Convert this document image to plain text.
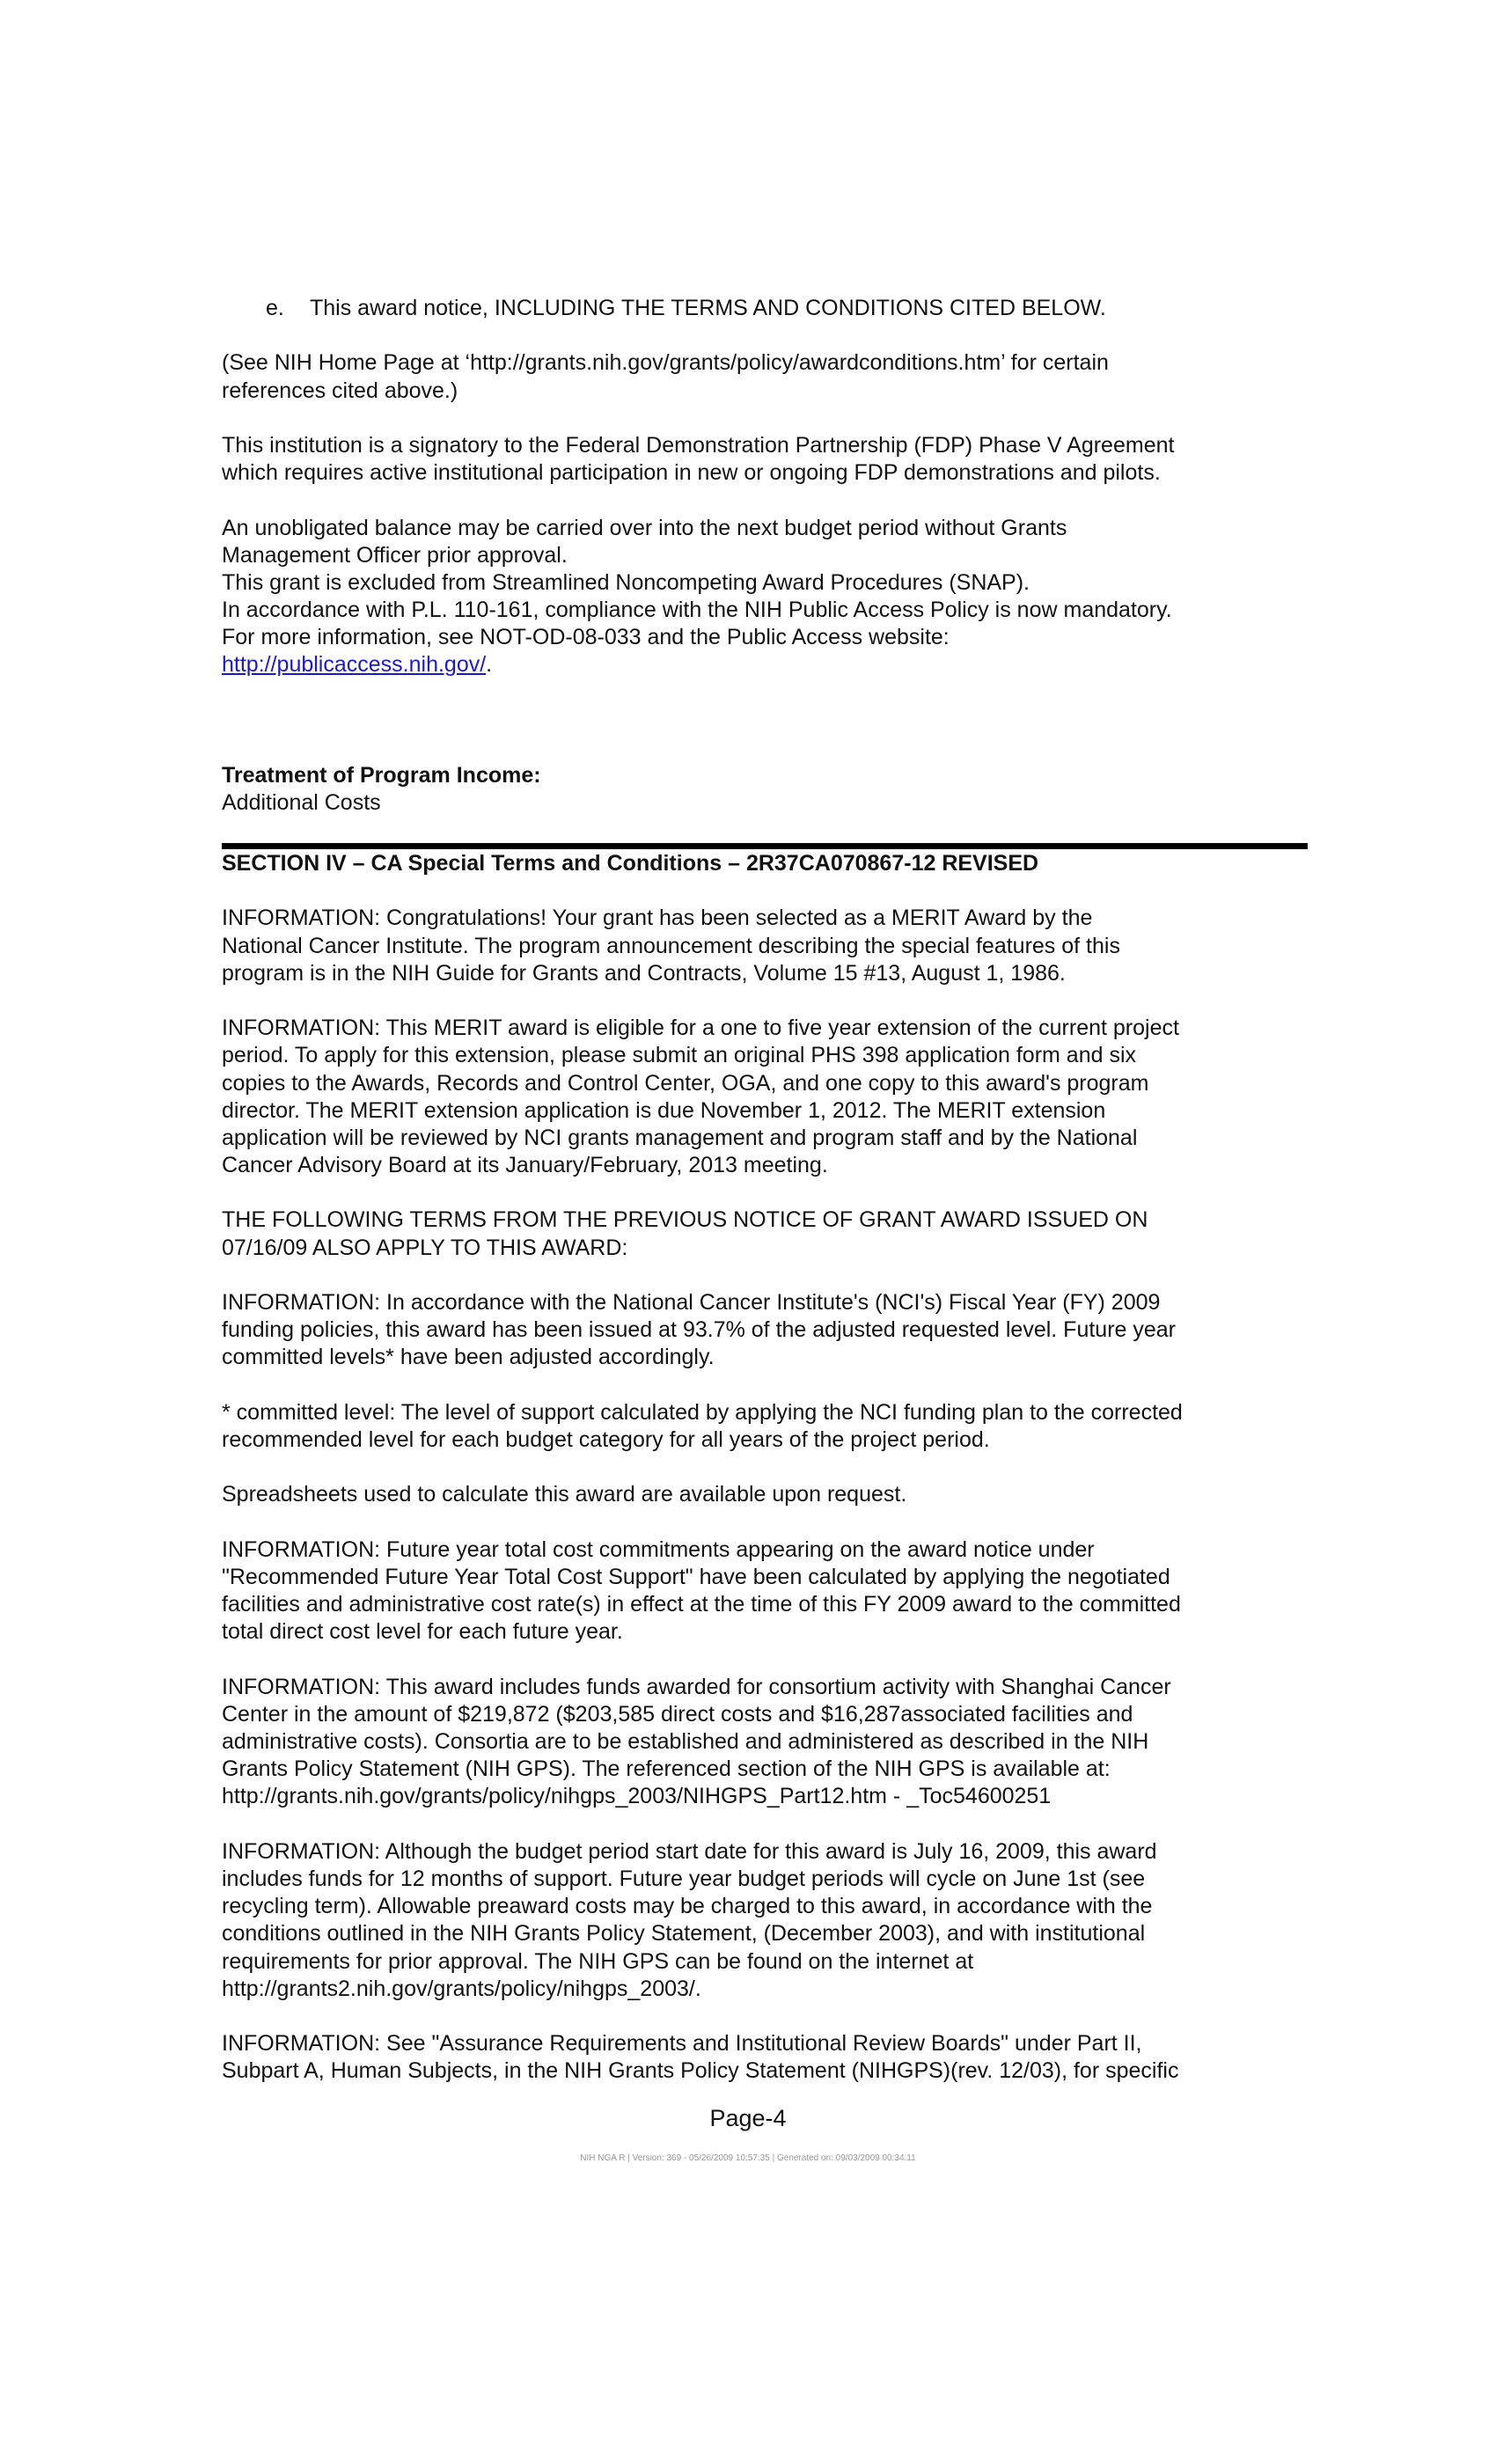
e. This award notice, INCLUDING THE TERMS AND CONDITIONS CITED BELOW.
(See NIH Home Page at ‘http://grants.nih.gov/grants/policy/awardconditions.htm’ for certain
references cited above.)
This institution is a signatory to the Federal Demonstration Partnership (FDP) Phase V Agreement
which requires active institutional participation in new or ongoing FDP demonstrations and pilots.
An unobligated balance may be carried over into the next budget period without Grants
Management Officer prior approval.
This grant is excluded from Streamlined Noncompeting Award Procedures (SNAP).
In accordance with P.L. 110-161, compliance with the NIH Public Access Policy is now mandatory.
For more information, see NOT-OD-08-033 and the Public Access website:
http://publicaccess.nih.gov/.
Treatment of Program Income:
Additional Costs
SECTION IV – CA Special Terms and Conditions – 2R37CA070867-12 REVISED
INFORMATION: Congratulations! Your grant has been selected as a MERIT Award by the
National Cancer Institute. The program announcement describing the special features of this
program is in the NIH Guide for Grants and Contracts, Volume 15 #13, August 1, 1986.
INFORMATION: This MERIT award is eligible for a one to five year extension of the current project
period. To apply for this extension, please submit an original PHS 398 application form and six
copies to the Awards, Records and Control Center, OGA, and one copy to this award's program
director. The MERIT extension application is due November 1, 2012. The MERIT extension
application will be reviewed by NCI grants management and program staff and by the National
Cancer Advisory Board at its January/February, 2013 meeting.
THE FOLLOWING TERMS FROM THE PREVIOUS NOTICE OF GRANT AWARD ISSUED ON
07/16/09 ALSO APPLY TO THIS AWARD:
INFORMATION: In accordance with the National Cancer Institute's (NCI's) Fiscal Year (FY) 2009
funding policies, this award has been issued at 93.7% of the adjusted requested level. Future year
committed levels* have been adjusted accordingly.
* committed level: The level of support calculated by applying the NCI funding plan to the corrected
recommended level for each budget category for all years of the project period.
Spreadsheets used to calculate this award are available upon request.
INFORMATION: Future year total cost commitments appearing on the award notice under
"Recommended Future Year Total Cost Support" have been calculated by applying the negotiated
facilities and administrative cost rate(s) in effect at the time of this FY 2009 award to the committed
total direct cost level for each future year.
INFORMATION: This award includes funds awarded for consortium activity with Shanghai Cancer
Center in the amount of $219,872 ($203,585 direct costs and $16,287associated facilities and
administrative costs). Consortia are to be established and administered as described in the NIH
Grants Policy Statement (NIH GPS). The referenced section of the NIH GPS is available at:
http://grants.nih.gov/grants/policy/nihgps_2003/NIHGPS_Part12.htm - _Toc54600251
INFORMATION: Although the budget period start date for this award is July 16, 2009, this award
includes funds for 12 months of support. Future year budget periods will cycle on June 1st (see
recycling term). Allowable preaward costs may be charged to this award, in accordance with the
conditions outlined in the NIH Grants Policy Statement, (December 2003), and with institutional
requirements for prior approval. The NIH GPS can be found on the internet at
http://grants2.nih.gov/grants/policy/nihgps_2003/.
INFORMATION: See "Assurance Requirements and Institutional Review Boards" under Part II,
Subpart A, Human Subjects, in the NIH Grants Policy Statement (NIHGPS)(rev. 12/03), for specific
Page-4
NIH NGA R | Version: 369 - 05/26/2009 10:57:35 | Generated on: 09/03/2009 00:34:11
